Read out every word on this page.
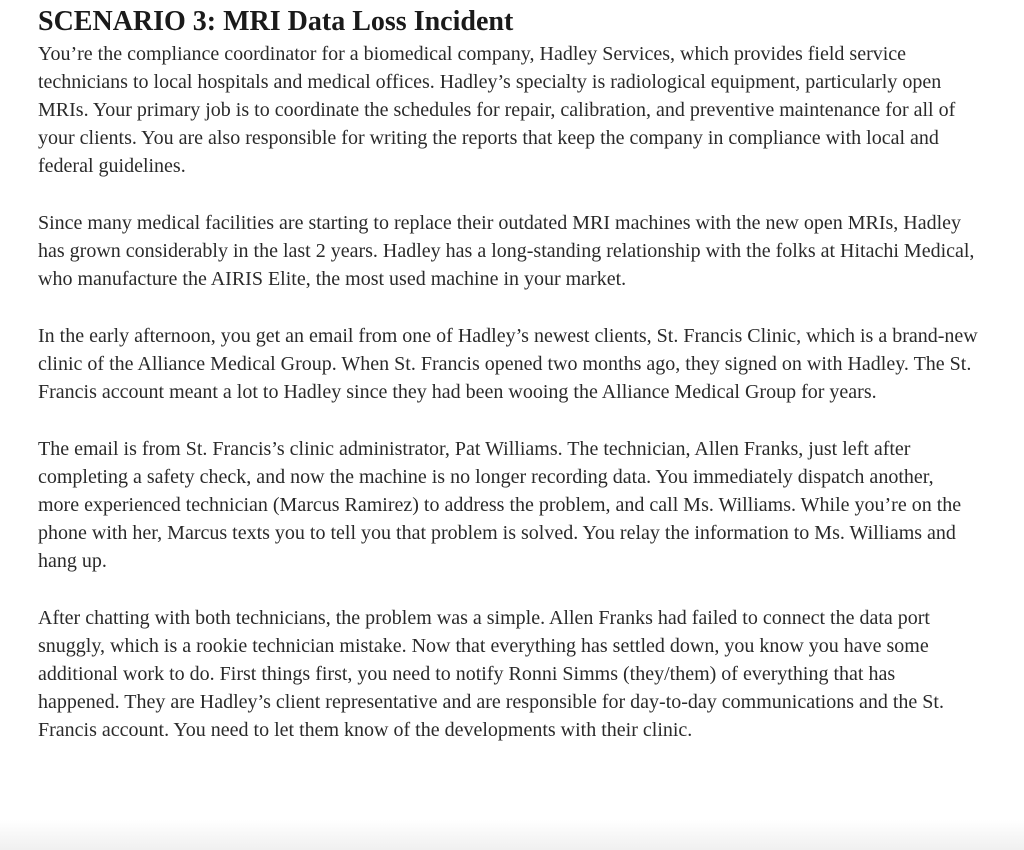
SCENARIO 3: MRI Data Loss Incident

You’re the compliance coordinator for a biomedical company, Hadley Services, which provides field service technicians to local hospitals and medical offices. Hadley’s specialty is radiological equipment, particularly open MRIs. Your primary job is to coordinate the schedules for repair, calibration, and preventive maintenance for all of your clients. You are also responsible for writing the reports that keep the company in compliance with local and federal guidelines.

Since many medical facilities are starting to replace their outdated MRI machines with the new open MRIs, Hadley has grown considerably in the last 2 years. Hadley has a long-standing relationship with the folks at Hitachi Medical, who manufacture the AIRIS Elite, the most used machine in your market.

In the early afternoon, you get an email from one of Hadley’s newest clients, St. Francis Clinic, which is a brand-new clinic of the Alliance Medical Group. When St. Francis opened two months ago, they signed on with Hadley. The St. Francis account meant a lot to Hadley since they had been wooing the Alliance Medical Group for years.

The email is from St. Francis’s clinic administrator, Pat Williams. The technician, Allen Franks, just left after completing a safety check, and now the machine is no longer recording data. You immediately dispatch another, more experienced technician (Marcus Ramirez) to address the problem, and call Ms. Williams. While you’re on the phone with her, Marcus texts you to tell you that problem is solved. You relay the information to Ms. Williams and hang up.

After chatting with both technicians, the problem was a simple. Allen Franks had failed to connect the data port snuggly, which is a rookie technician mistake. Now that everything has settled down, you know you have some additional work to do. First things first, you need to notify Ronni Simms (they/them) of everything that has happened. They are Hadley’s client representative and are responsible for day-to-day communications and the St. Francis account. You need to let them know of the developments with their clinic.
